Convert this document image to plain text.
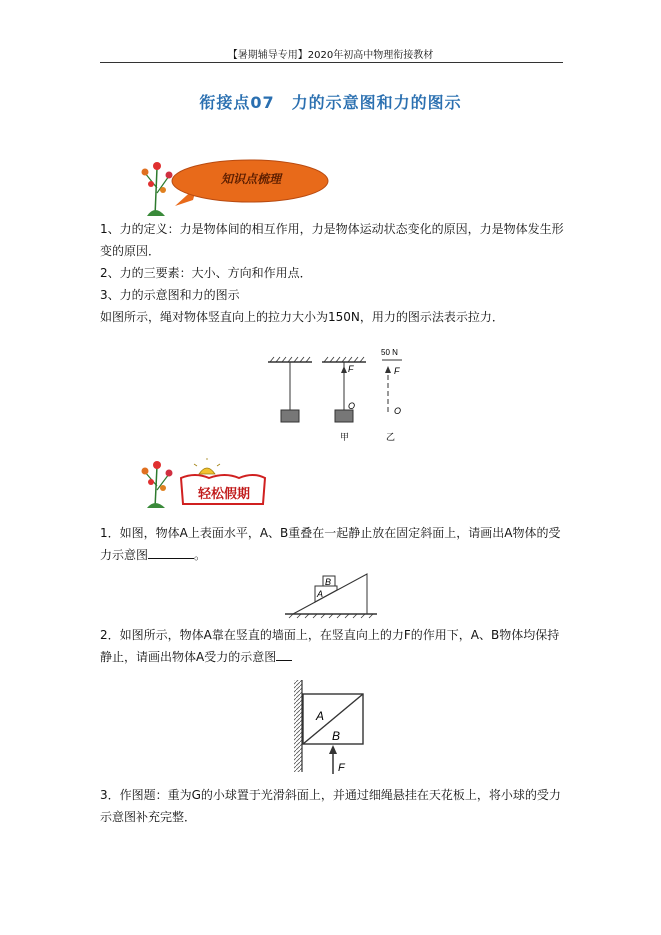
【暑期辅导专用】2020年初高中物理衔接教材
衔接点07　力的示意图和力的图示
知识点梳理
1、力的定义：力是物体间的相互作用，力是物体运动状态变化的原因，力是物体发生形变的原因．
2、力的三要素：大小、方向和作用点．
3、力的示意图和力的图示
如图所示，绳对物体竖直向上的拉力大小为150N，用力的图示法表示拉力．
F
O
甲
50 N
F
O
乙
轻松假期
1．如图，物体A上表面水平，A、B重叠在一起静止放在固定斜面上，请画出A物体的受力示意图	。
B
A
2．如图所示，物体A靠在竖直的墙面上，在竖直向上的力F的作用下，A、B物体均保持静止，请画出物体A受力的示意图
A
B
F
3．作图题：重为G的小球置于光滑斜面上，并通过细绳悬挂在天花板上，将小球的受力示意图补充完整．
